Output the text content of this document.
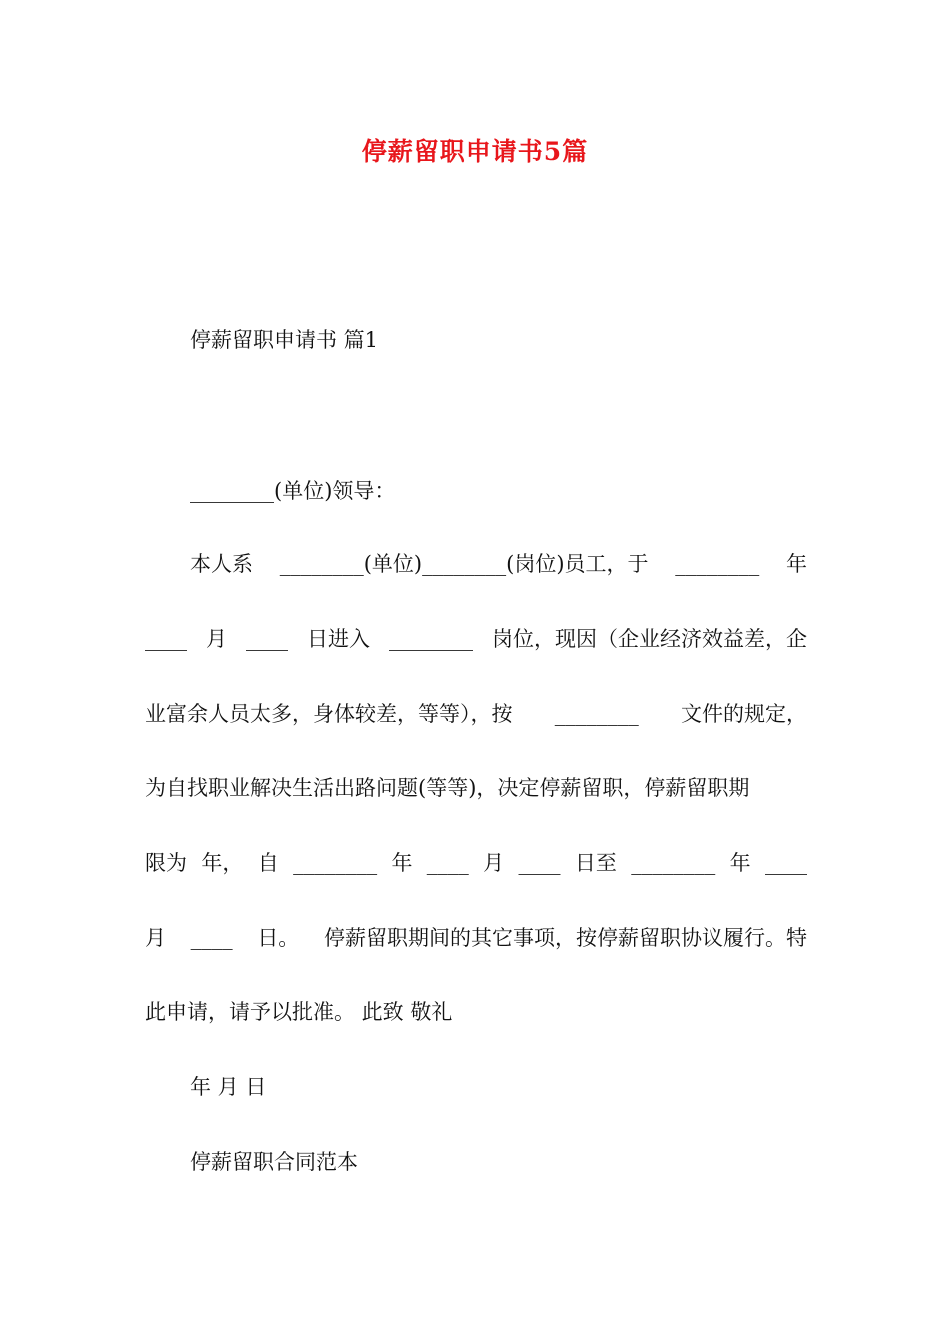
停薪留职申请书5篇
停薪留职申请书 篇1
________(单位)领导：
本人系 ________(单位)________(岗位)员工，于 ________ 年
____ 月 ____ 日进入 ________ 岗位，现因（企业经济效益差，企
业富余人员太多，身体较差，等等），按 ________ 文件的规定，
为自找职业解决生活出路问题(等等)，决定停薪留职，停薪留职期
限为 年， 自 ________ 年 ____ 月 ____ 日至 ________ 年 ____
月 ____ 日。 停薪留职期间的其它事项，按停薪留职协议履行。特
此申请，请予以批准。 此致 敬礼
年 月 日
停薪留职合同范本
